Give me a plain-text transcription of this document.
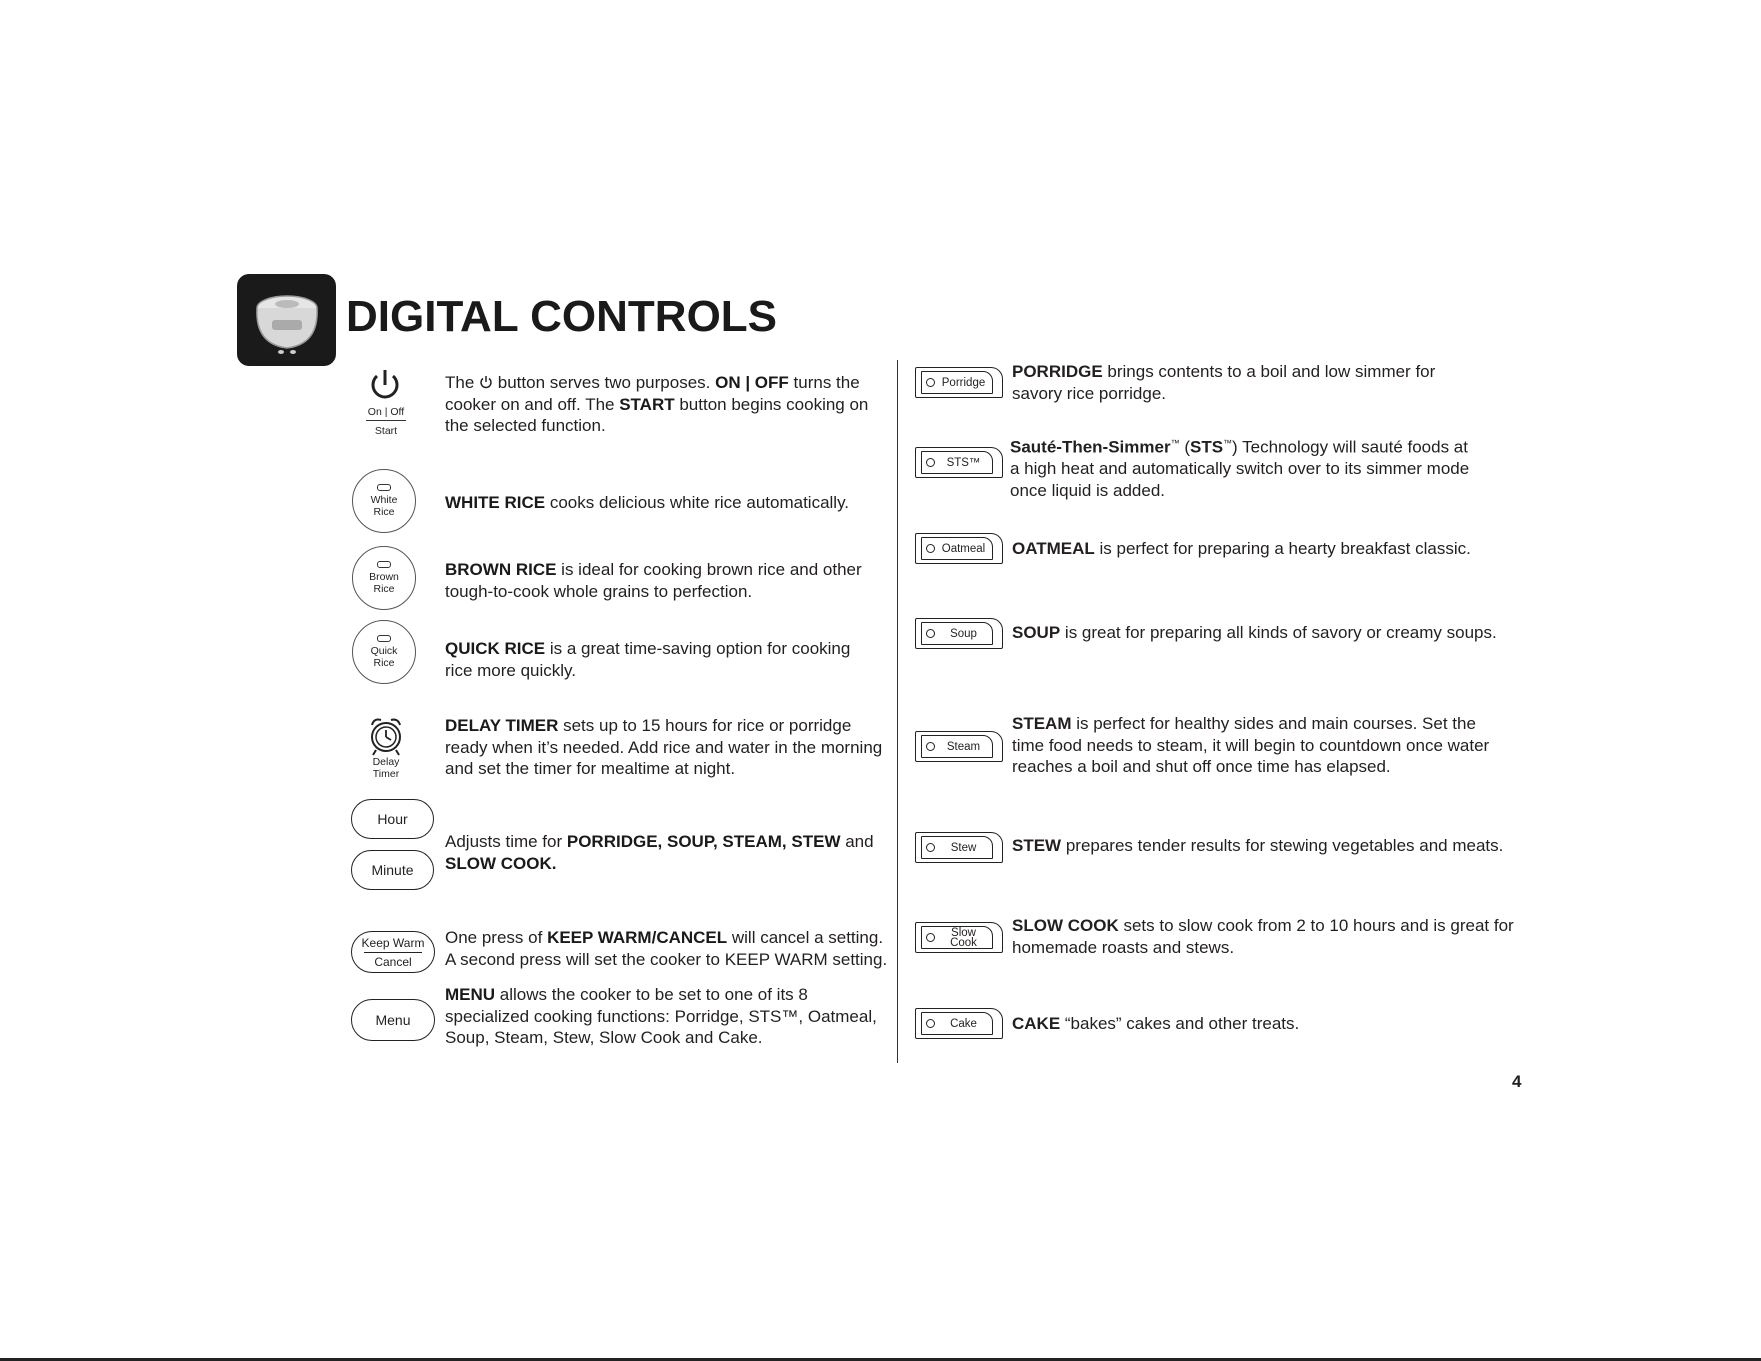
DIGITAL CONTROLS
On | Off
Start
The  button serves two purposes. ON | OFF turns the cooker on and off. The START button begins cooking on the selected function.
White
Rice	WHITE RICE cooks delicious white rice automatically.
Brown
Rice
BROWN RICE is ideal for cooking brown rice and other tough-to-cook whole grains to perfection.
Quick
Rice
QUICK RICE is a great time-saving option for cooking rice more quickly.
Delay
Timer
DELAY TIMER sets up to 15 hours for rice or porridge ready when it’s needed. Add rice and water in the morning and set the timer for mealtime at night.
Hour
Minute
Adjusts time for PORRIDGE, SOUP, STEAM, STEW and SLOW COOK.
Keep Warm
Cancel
One press of KEEP WARM/CANCEL will cancel a setting. A second press will set the cooker to KEEP WARM setting.
Menu
MENU allows the cooker to be set to one of its 8 specialized cooking functions: Porridge, STS™, Oatmeal, Soup, Steam, Stew, Slow Cook and Cake.
Porridge
PORRIDGE brings contents to a boil and low simmer for savory rice porridge.
STS™
Sauté-Then-Simmer™ (STS™) Technology will sauté foods at a high heat and automatically switch over to its simmer mode once liquid is added.
Oatmeal OATMEAL is perfect for preparing a hearty breakfast classic.
Soup	SOUP is great for preparing all kinds of savory or creamy soups.
Steam
STEAM is perfect for healthy sides and main courses. Set the time food needs to steam, it will begin to countdown once water reaches a boil and shut off once time has elapsed.
Stew	STEW prepares tender results for stewing vegetables and meats.
Slow
Cook
SLOW COOK sets to slow cook from 2 to 10 hours and is great for homemade roasts and stews.
Cake	CAKE “bakes” cakes and other treats.
4
